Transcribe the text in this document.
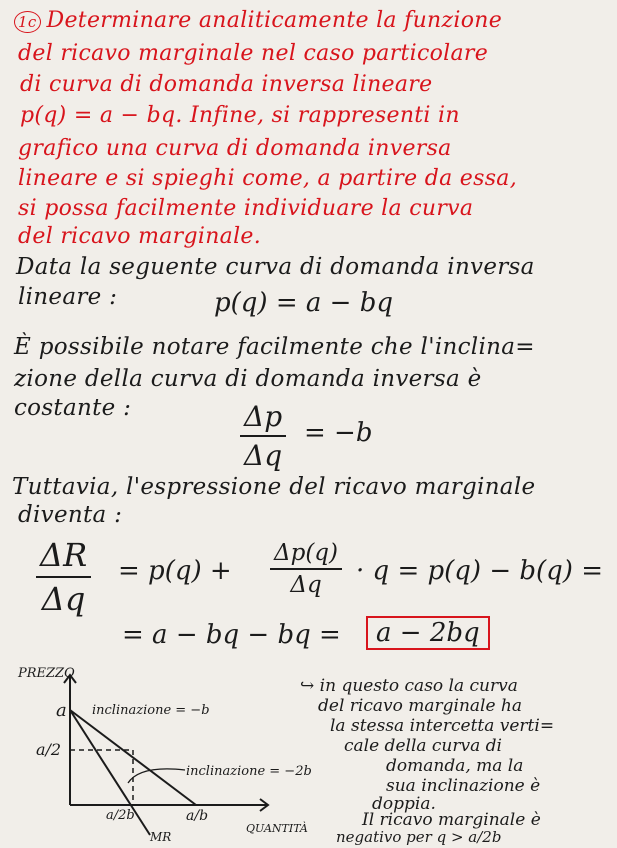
1c Determinare analiticamente la funzione
del ricavo marginale nel caso particolare
di curva di domanda inversa lineare
p(q) = a − bq. Infine, si rappresenti in
grafico una curva di domanda inversa
lineare e si spieghi come, a partire da essa,
si possa facilmente individuare la curva
del ricavo marginale.
Data la seguente curva di domanda inversa
lineare :	p(q) = a − bq
È possibile notare facilmente che l'inclina=
zione della curva di domanda inversa è
costante :	Δp
Δq
= −b
Tuttavia, l'espressione del ricavo marginale
diventa :
ΔR
Δq
= p(q) +
Δp(q)
Δq	· q = p(q) − b(q) =
= a − bq − bq =	a − 2bq
PREZZO
a
a/2
a/2b	a/b
MR
QUANTITÀ
inclinazione = −b
inclinazione = −2b
↪ in questo caso la curva
del ricavo marginale ha
la stessa intercetta verti=
cale della curva di
domanda, ma la
sua inclinazione è
doppia.
Il ricavo marginale è
negativo per q > a/2b
